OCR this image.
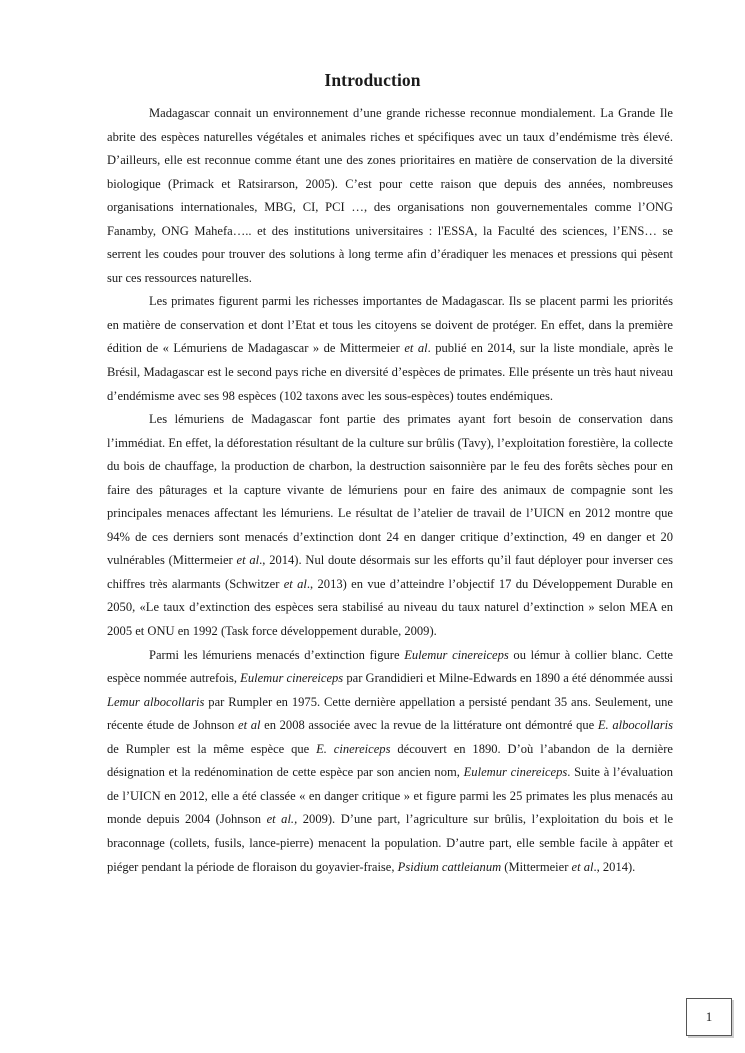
Introduction

Madagascar connait un environnement d’une grande richesse reconnue mondialement. La Grande Ile abrite des espèces naturelles végétales et animales riches et spécifiques avec un taux d’endémisme très élevé. D’ailleurs, elle est reconnue comme étant une des zones prioritaires en matière de conservation de la diversité biologique (Primack et Ratsirarson, 2005). C’est pour cette raison que depuis des années, nombreuses organisations internationales, MBG, CI, PCI …, des organisations non gouvernementales comme l’ONG Fanamby, ONG Mahefa….. et des institutions universitaires : l'ESSA, la Faculté des sciences, l’ENS… se serrent les coudes pour trouver des solutions à long terme afin d’éradiquer les menaces et pressions qui pèsent sur ces ressources naturelles.

Les primates figurent parmi les richesses importantes de Madagascar. Ils se placent parmi les priorités en matière de conservation et dont l’Etat et tous les citoyens se doivent de protéger. En effet, dans la première édition de « Lémuriens de Madagascar » de Mittermeier et al. publié en 2014, sur la liste mondiale, après le Brésil, Madagascar est le second pays riche en diversité d’espèces de primates. Elle présente un très haut niveau d’endémisme avec ses 98 espèces (102 taxons avec les sous-espèces) toutes endémiques.

Les lémuriens de Madagascar font partie des primates ayant fort besoin de conservation dans l’immédiat. En effet, la déforestation résultant de la culture sur brûlis (Tavy), l’exploitation forestière, la collecte du bois de chauffage, la production de charbon, la destruction saisonnière par le feu des forêts sèches pour en faire des pâturages et la capture vivante de lémuriens pour en faire des animaux de compagnie sont les principales menaces affectant les lémuriens. Le résultat de l’atelier de travail de l’UICN en 2012 montre que 94% de ces derniers sont menacés d’extinction dont 24 en danger critique d’extinction, 49 en danger et 20 vulnérables (Mittermeier et al., 2014). Nul doute désormais sur les efforts qu’il faut déployer pour inverser ces chiffres très alarmants (Schwitzer et al., 2013) en vue d’atteindre l’objectif 17 du Développement Durable en 2050, «Le taux d’extinction des espèces sera stabilisé au niveau du taux naturel d’extinction » selon MEA en 2005 et ONU en 1992 (Task force développement durable, 2009).

Parmi les lémuriens menacés d’extinction figure Eulemur cinereiceps ou lémur à collier blanc. Cette espèce nommée autrefois, Eulemur cinereiceps par Grandidieri et Milne-Edwards en 1890 a été dénommée aussi Lemur albocollaris par Rumpler en 1975. Cette dernière appellation a persisté pendant 35 ans. Seulement, une récente étude de Johnson et al en 2008 associée avec la revue de la littérature ont démontré que E. albocollaris de Rumpler est la même espèce que E. cinereiceps découvert en 1890. D’où l’abandon de la dernière désignation et la redénomination de cette espèce par son ancien nom, Eulemur cinereiceps. Suite à l’évaluation de l’UICN en 2012, elle a été classée « en danger critique » et figure parmi les 25 primates les plus menacés au monde depuis 2004 (Johnson et al., 2009). D’une part, l’agriculture sur brûlis, l’exploitation du bois et le braconnage (collets, fusils, lance-pierre) menacent la population. D’autre part, elle semble facile à appâter et piéger pendant la période de floraison du goyavier-fraise, Psidium cattleianum (Mittermeier et al., 2014).

1
